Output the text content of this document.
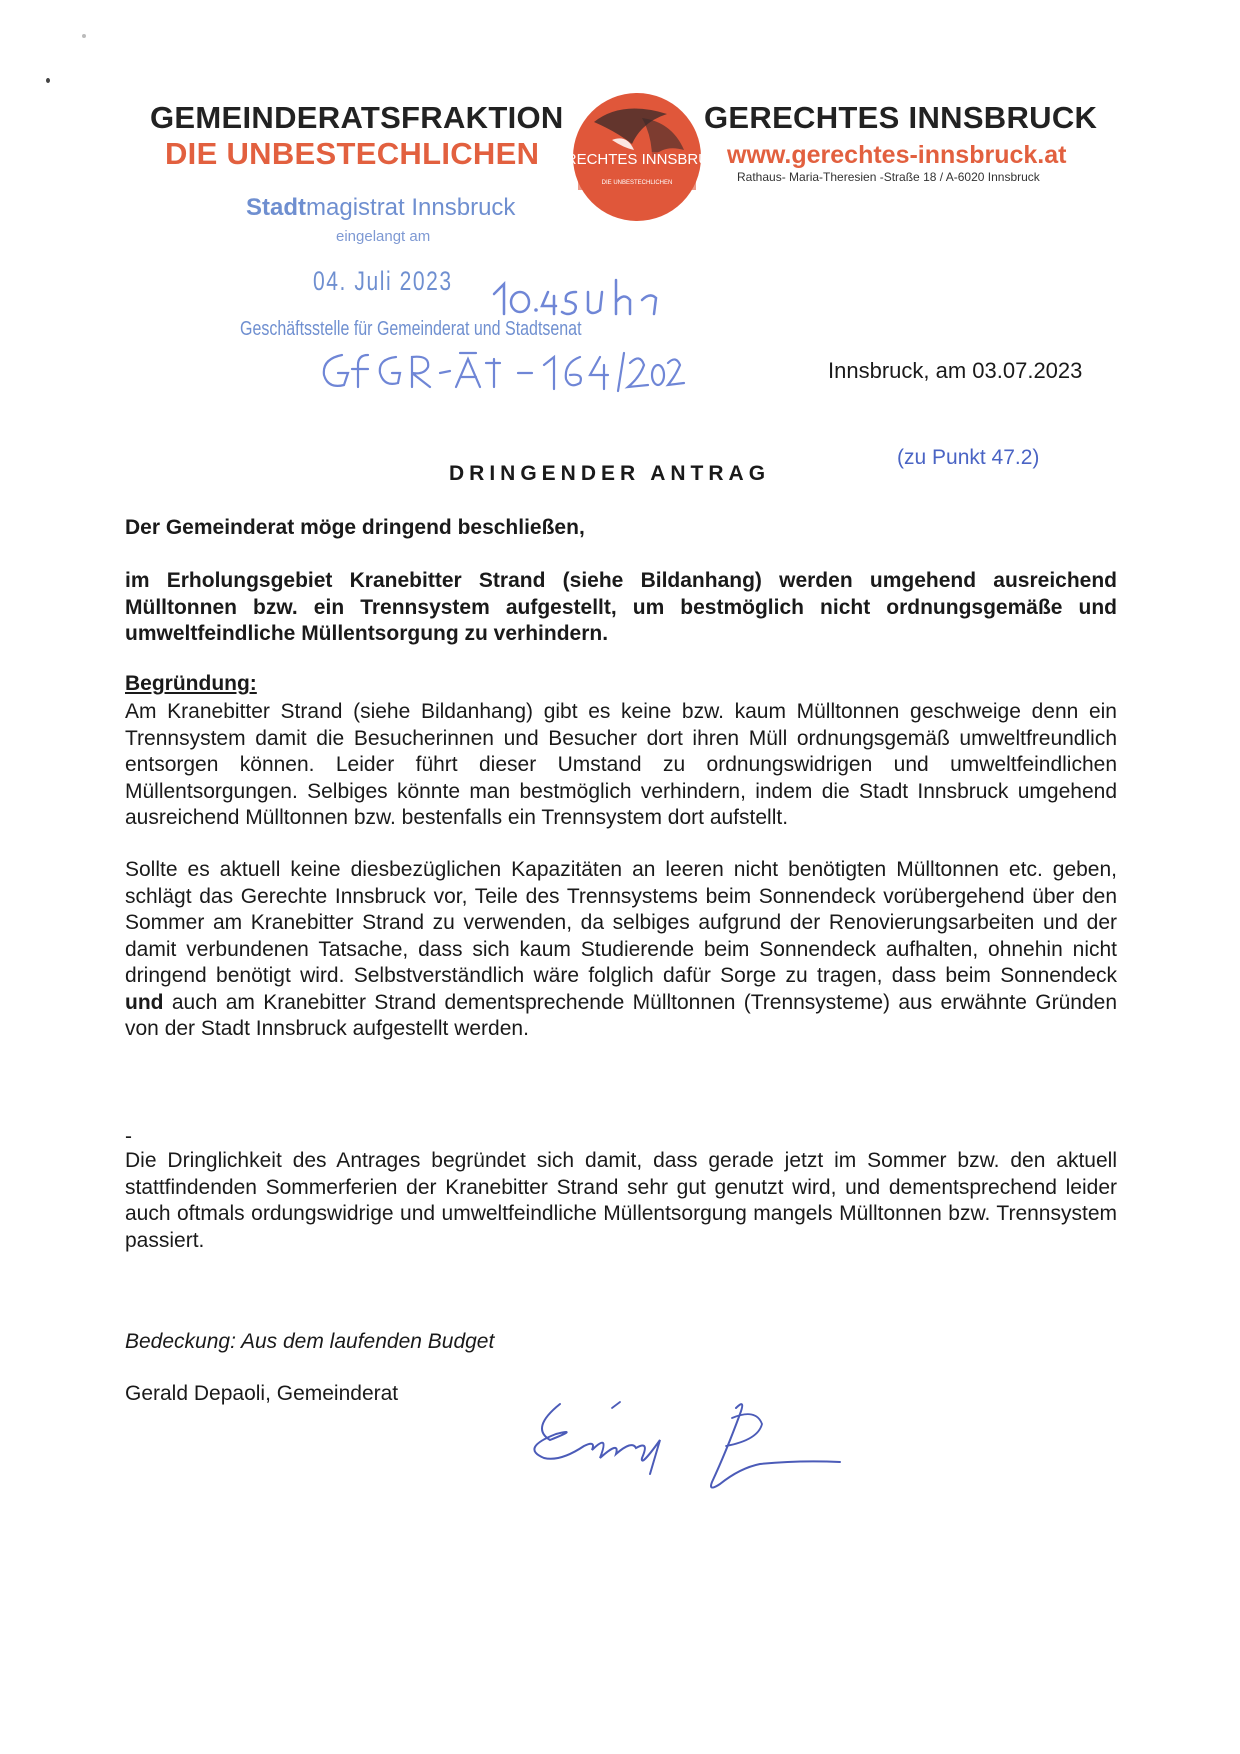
GEMEINDERATSFRAKTION
DIE UNBESTECHLICHEN GERECHTES INNSBRUCK
DIE UNBESTECHLICHEN
GERECHTES INNSBRUCK
www.gerechtes-innsbruck.at
Rathaus- Maria-Theresien -Straße 18 / A-6020 Innsbruck
Stadtmagistrat Innsbruck
eingelangt am
04. Juli 2023
Geschäftsstelle für Gemeinderat und Stadtsenat
Innsbruck, am 03.07.2023
(zu Punkt 47.2)
DRINGENDER ANTRAG
Der Gemeinderat möge dringend beschließen,
im Erholungsgebiet Kranebitter Strand (siehe Bildanhang) werden umgehend ausreichend Mülltonnen bzw. ein Trennsystem aufgestellt, um bestmöglich nicht ordnungsgemäße und umweltfeindliche Müllentsorgung zu verhindern.
Begründung:
Am Kranebitter Strand (siehe Bildanhang) gibt es keine bzw. kaum Mülltonnen geschweige denn ein Trennsystem damit die Besucherinnen und Besucher dort ihren Müll ordnungsgemäß umweltfreundlich entsorgen können. Leider führt dieser Umstand zu ordnungswidrigen und umweltfeindlichen Müllentsorgungen. Selbiges könnte man bestmöglich verhindern, indem die Stadt Innsbruck umgehend ausreichend Mülltonnen bzw. bestenfalls ein Trennsystem dort aufstellt.
Sollte es aktuell keine diesbezüglichen Kapazitäten an leeren nicht benötigten Mülltonnen etc. geben, schlägt das Gerechte Innsbruck vor, Teile des Trennsystems beim Sonnendeck vorübergehend über den Sommer am Kranebitter Strand zu verwenden, da selbiges aufgrund der Renovierungsarbeiten und der damit verbundenen Tatsache, dass sich kaum Studierende beim Sonnendeck aufhalten, ohnehin nicht dringend benötigt wird. Selbstverständlich wäre folglich dafür Sorge zu tragen, dass beim Sonnendeck und auch am Kranebitter Strand dementsprechende Mülltonnen (Trennsysteme) aus erwähnte Gründen von der Stadt Innsbruck aufgestellt werden.
-
Die Dringlichkeit des Antrages begründet sich damit, dass gerade jetzt im Sommer bzw. den aktuell stattfindenden Sommerferien der Kranebitter Strand sehr gut genutzt wird, und dementsprechend leider auch oftmals ordungswidrige und umweltfeindliche Müllentsorgung mangels Mülltonnen bzw. Trennsystem passiert.
Bedeckung: Aus dem laufenden Budget
Gerald Depaoli, Gemeinderat
